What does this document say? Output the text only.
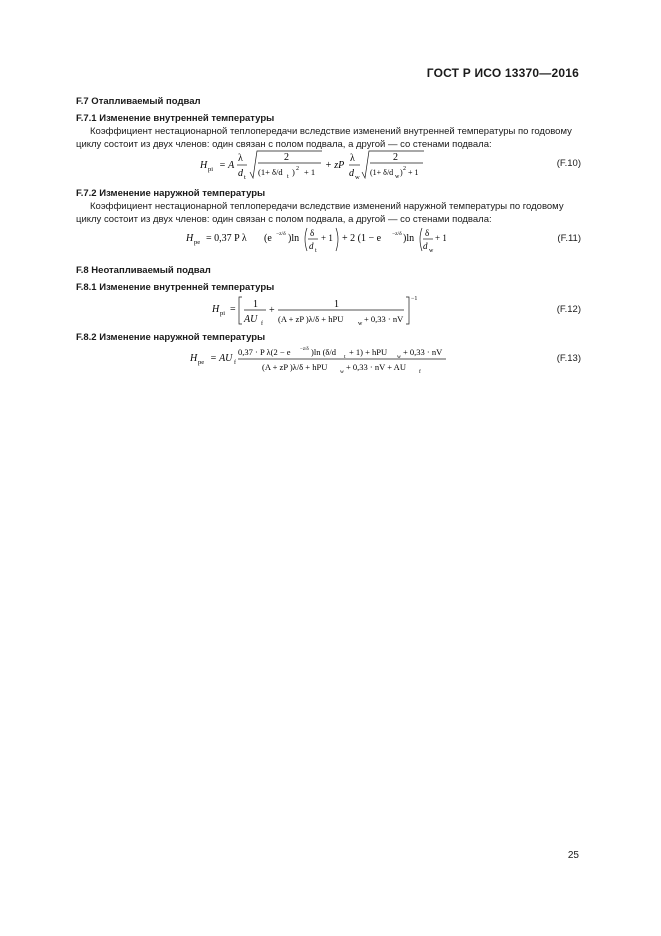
ГОСТ Р ИСО 13370—2016
F.7 Отапливаемый подвал
F.7.1 Изменение внутренней температуры
Коэффициент нестационарной теплопередачи вследствие изменений внутренней температуры по годовому циклу состоит из двух членов: один связан с полом подвала, а другой — со стенами подвала:
H pi = A
λ
d t
2
(1+ δ/d t ) 2 + 1
+ zP
λ
d w
2
(1+ δ/d w ) 2 + 1
(F.10)
F.7.2 Изменение наружной температуры
Коэффициент нестационарной теплопередачи вследствие изменений наружной температуры по годовому циклу состоит из двух членов: один связан с полом подвала, а другой — со стенами подвала:
H pe = 0,37 P λ (e −z/δ )ln δ
d t
+ 1 + 2 (1 − e −z/δ )ln δ
d w
+ 1	(F.11)
F.8 Неотапливаемый подвал
F.8.1 Изменение внутренней температуры
H pi = 1
AU f
+
1
(A + zP )λ/δ + hPU w + 0,33 · nV
−1
(F.12)
F.8.2 Изменение наружной температуры
H pe = AU f
0,37 · P λ(2 − e −z/δ )ln (δ/d t + 1) + hPU w + 0,33 · nV
(A + zP )λ/δ + hPU w + 0,33 · nV + AU f
(F.13)
25
